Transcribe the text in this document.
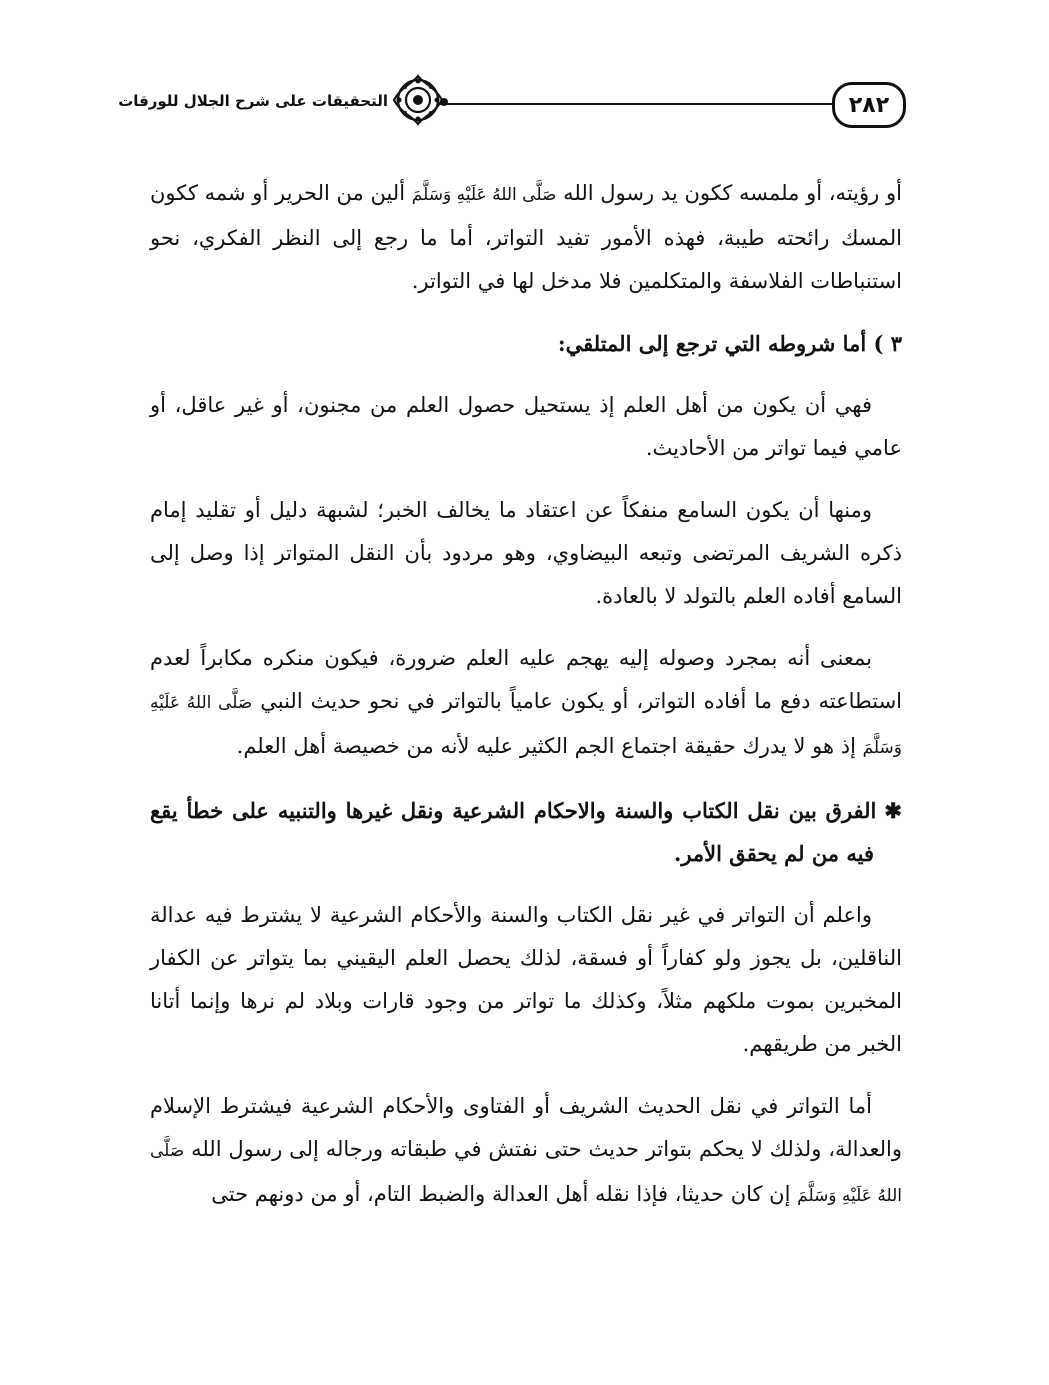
٢٨٢
التحقيقات على شرح الجلال للورقات

أو رؤيته، أو ملمسه ككون يد رسول الله صَلَّى اللهُ عَلَيْهِ وَسَلَّمَ ألين من الحرير أو شمه ككون المسك رائحته طيبة، فهذه الأمور تفيد التواتر، أما ما رجع إلى النظر الفكري، نحو استنباطات الفلاسفة والمتكلمين فلا مدخل لها في التواتر.

٣ ) أما شروطه التي ترجع إلى المتلقي:

فهي أن يكون من أهل العلم إذ يستحيل حصول العلم من مجنون، أو غير عاقل، أو عامي فيما تواتر من الأحاديث.

ومنها أن يكون السامع منفكاً عن اعتقاد ما يخالف الخبر؛ لشبهة دليل أو تقليد إمام ذكره الشريف المرتضى وتبعه البيضاوي، وهو مردود بأن النقل المتواتر إذا وصل إلى السامع أفاده العلم بالتولد لا بالعادة.

بمعنى أنه بمجرد وصوله إليه يهجم عليه العلم ضرورة، فيكون منكره مكابراً لعدم استطاعته دفع ما أفاده التواتر، أو يكون عامياً بالتواتر في نحو حديث النبي صَلَّى اللهُ عَلَيْهِ وَسَلَّمَ إذ هو لا يدرك حقيقة اجتماع الجم الكثير عليه لأنه من خصيصة أهل العلم.

✱الفرق بين نقل الكتاب والسنة والاحكام الشرعية ونقل غيرها والتنبيه على خطأ يقع فيه من لم يحقق الأمر.

واعلم أن التواتر في غير نقل الكتاب والسنة والأحكام الشرعية لا يشترط فيه عدالة الناقلين، بل يجوز ولو كفاراً أو فسقة، لذلك يحصل العلم اليقيني بما يتواتر عن الكفار المخبرين بموت ملكهم مثلاً، وكذلك ما تواتر من وجود قارات وبلاد لم نرها وإنما أتانا الخبر من طريقهم.

أما التواتر في نقل الحديث الشريف أو الفتاوى والأحكام الشرعية فيشترط الإسلام والعدالة، ولذلك لا يحكم بتواتر حديث حتى نفتش في طبقاته ورجاله إلى رسول الله صَلَّى اللهُ عَلَيْهِ وَسَلَّمَ إن كان حديثا، فإذا نقله أهل العدالة والضبط التام، أو من دونهم حتى
